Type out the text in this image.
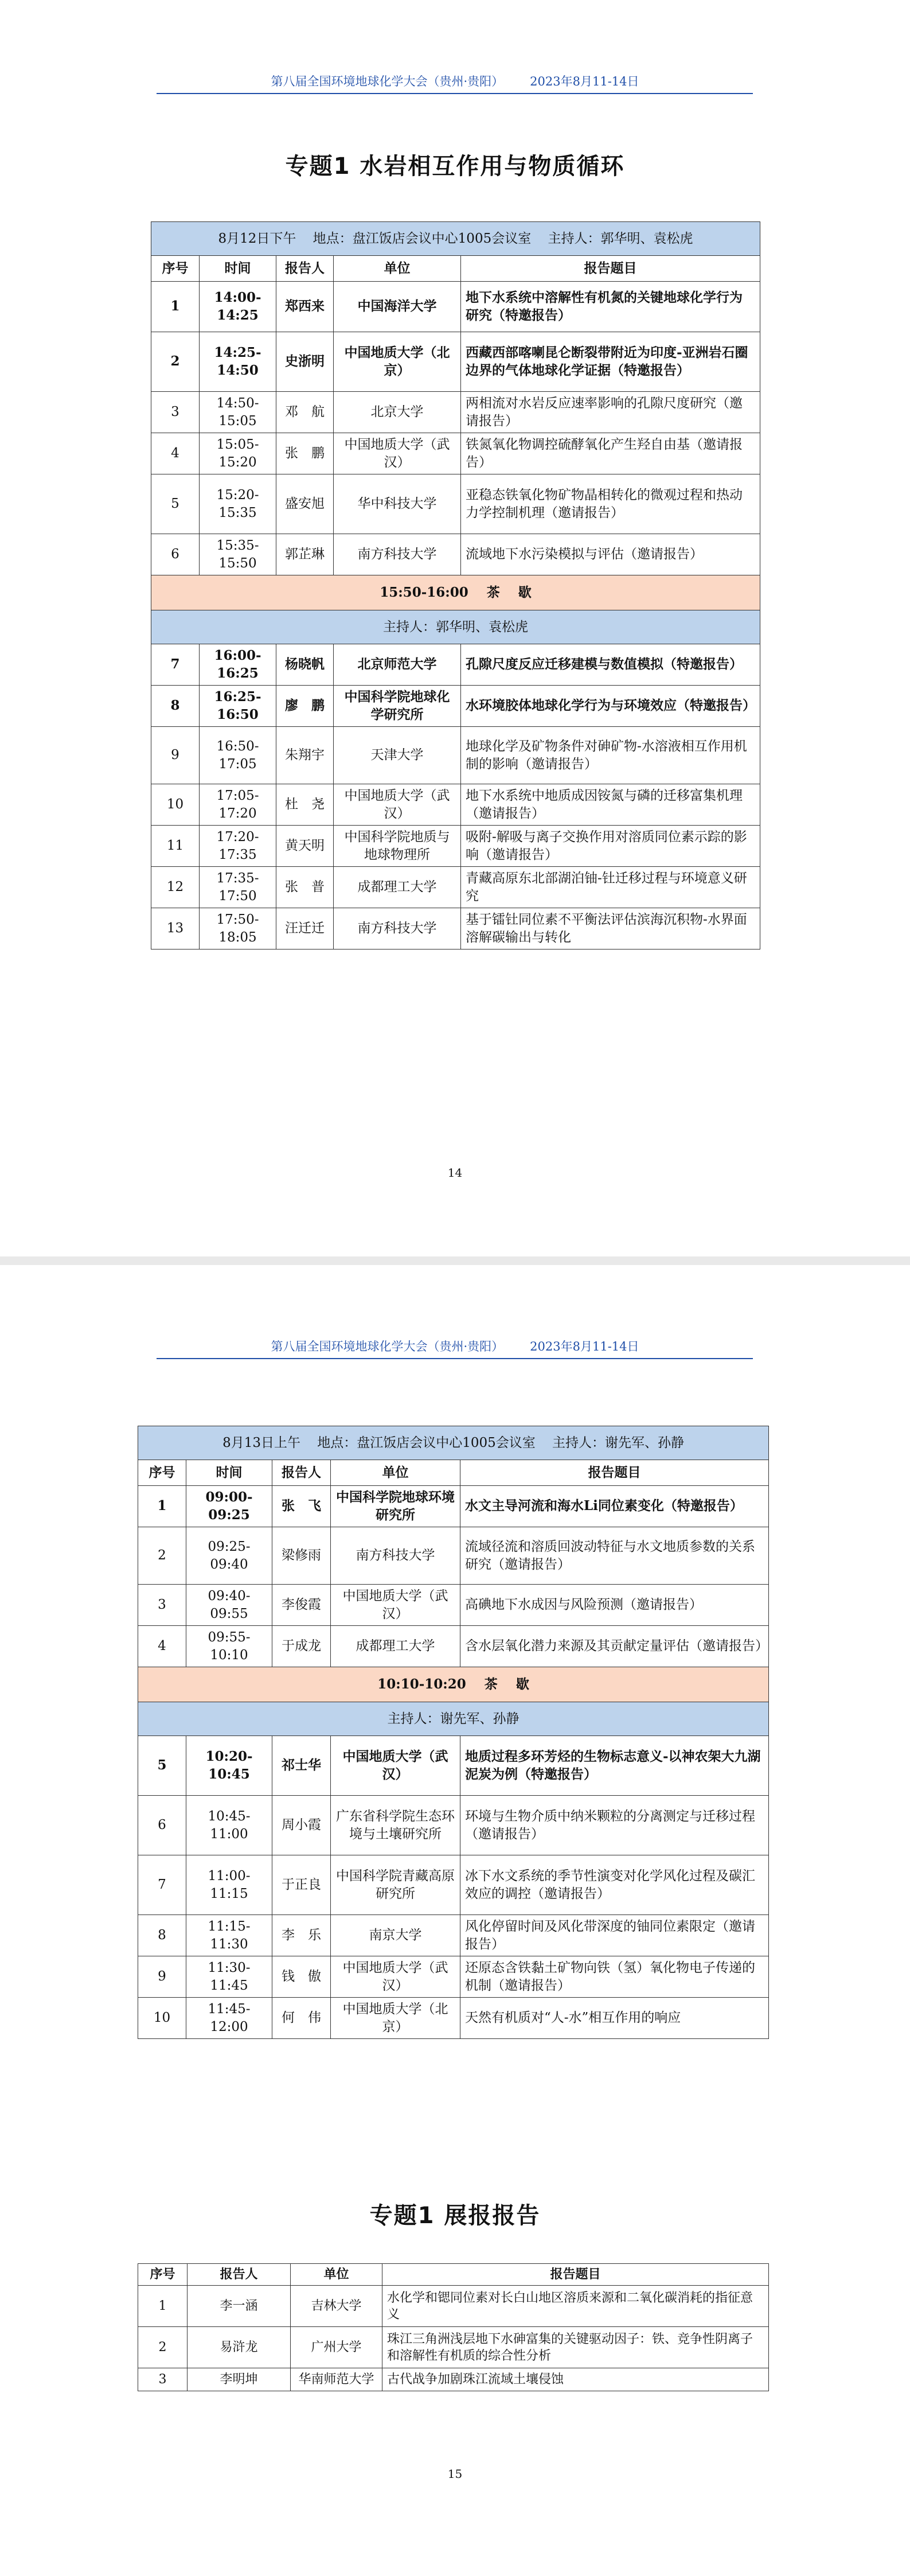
第八届全国环境地球化学大会（贵州·贵阳） 2023年8月11-14日
专题1 水岩相互作用与物质循环
8月12日下午    地点：盘江饭店会议中心1005会议室    主持人：郭华明、袁松虎				
序号	时间	报告人	单位	报告题目
1	14:00-14:25	郑西来	中国海洋大学	地下水系统中溶解性有机氮的关键地球化学行为研究（特邀报告）
2	14:25-14:50	史浙明	中国地质大学（北京）	西藏西部喀喇昆仑断裂带附近为印度-亚洲岩石圈边界的气体地球化学证据（特邀报告）
3	14:50-15:05	邓　航	北京大学	两相流对水岩反应速率影响的孔隙尺度研究（邀请报告）
4	15:05-15:20	张　鹏	中国地质大学（武汉）	铁氮氧化物调控硫酵氧化产生羟自由基（邀请报告）
5	15:20-15:35	盛安旭	华中科技大学	亚稳态铁氧化物矿物晶相转化的微观过程和热动力学控制机理（邀请报告）
6	15:35-15:50	郭芷琳	南方科技大学	流域地下水污染模拟与评估（邀请报告）
15:50-16:00    茶    歇				
主持人：郭华明、袁松虎				
7	16:00-16:25	杨晓帆	北京师范大学	孔隙尺度反应迁移建模与数值模拟（特邀报告）
8	16:25-16:50	廖　鹏	中国科学院地球化学研究所	水环境胶体地球化学行为与环境效应（特邀报告）
9	16:50-17:05	朱翔宇	天津大学	地球化学及矿物条件对砷矿物-水溶液相互作用机制的影响（邀请报告）
10	17:05-17:20	杜　尧	中国地质大学（武汉）	地下水系统中地质成因铵氮与磷的迁移富集机理（邀请报告）
11	17:20-17:35	黄天明	中国科学院地质与地球物理所	吸附-解吸与离子交换作用对溶质同位素示踪的影响（邀请报告）
12	17:35-17:50	张　普	成都理工大学	青藏高原东北部湖泊铀-钍迁移过程与环境意义研究
13	17:50-18:05	汪迁迁	南方科技大学	基于镭钍同位素不平衡法评估滨海沉积物-水界面溶解碳输出与转化
14
第八届全国环境地球化学大会（贵州·贵阳） 2023年8月11-14日
8月13日上午    地点：盘江饭店会议中心1005会议室    主持人：谢先军、孙静				
序号	时间	报告人	单位	报告题目
1	09:00-09:25	张　飞	中国科学院地球环境研究所	水文主导河流和海水Li同位素变化（特邀报告）
2	09:25-09:40	梁修雨	南方科技大学	流域径流和溶质回波动特征与水文地质参数的关系研究（邀请报告）
3	09:40-09:55	李俊霞	中国地质大学（武汉）	高碘地下水成因与风险预测（邀请报告）
4	09:55-10:10	于成龙	成都理工大学	含水层氧化潜力来源及其贡献定量评估（邀请报告）
10:10-10:20    茶    歇				
主持人：谢先军、孙静				
5	10:20-10:45	祁士华	中国地质大学（武汉）	地质过程多环芳烃的生物标志意义-以神农架大九湖泥炭为例（特邀报告）
6	10:45-11:00	周小霞	广东省科学院生态环境与土壤研究所	环境与生物介质中纳米颗粒的分离测定与迁移过程（邀请报告）
7	11:00-11:15	于正良	中国科学院青藏高原研究所	冰下水文系统的季节性演变对化学风化过程及碳汇效应的调控（邀请报告）
8	11:15-11:30	李　乐	南京大学	风化停留时间及风化带深度的铀同位素限定（邀请报告）
9	11:30-11:45	钱　傲	中国地质大学（武汉）	还原态含铁黏土矿物向铁（氢）氧化物电子传递的机制（邀请报告）
10	11:45-12:00	何　伟	中国地质大学（北京）	天然有机质对“人-水”相互作用的响应
专题1 展报报告
序号	报告人	单位	报告题目
1	李一涵	吉林大学	水化学和锶同位素对长白山地区溶质来源和二氧化碳消耗的指征意义
2	易浒龙	广州大学	珠江三角洲浅层地下水砷富集的关键驱动因子：铁、竞争性阴离子和溶解性有机质的综合性分析
3	李明坤	华南师范大学	古代战争加剧珠江流域土壤侵蚀
15
